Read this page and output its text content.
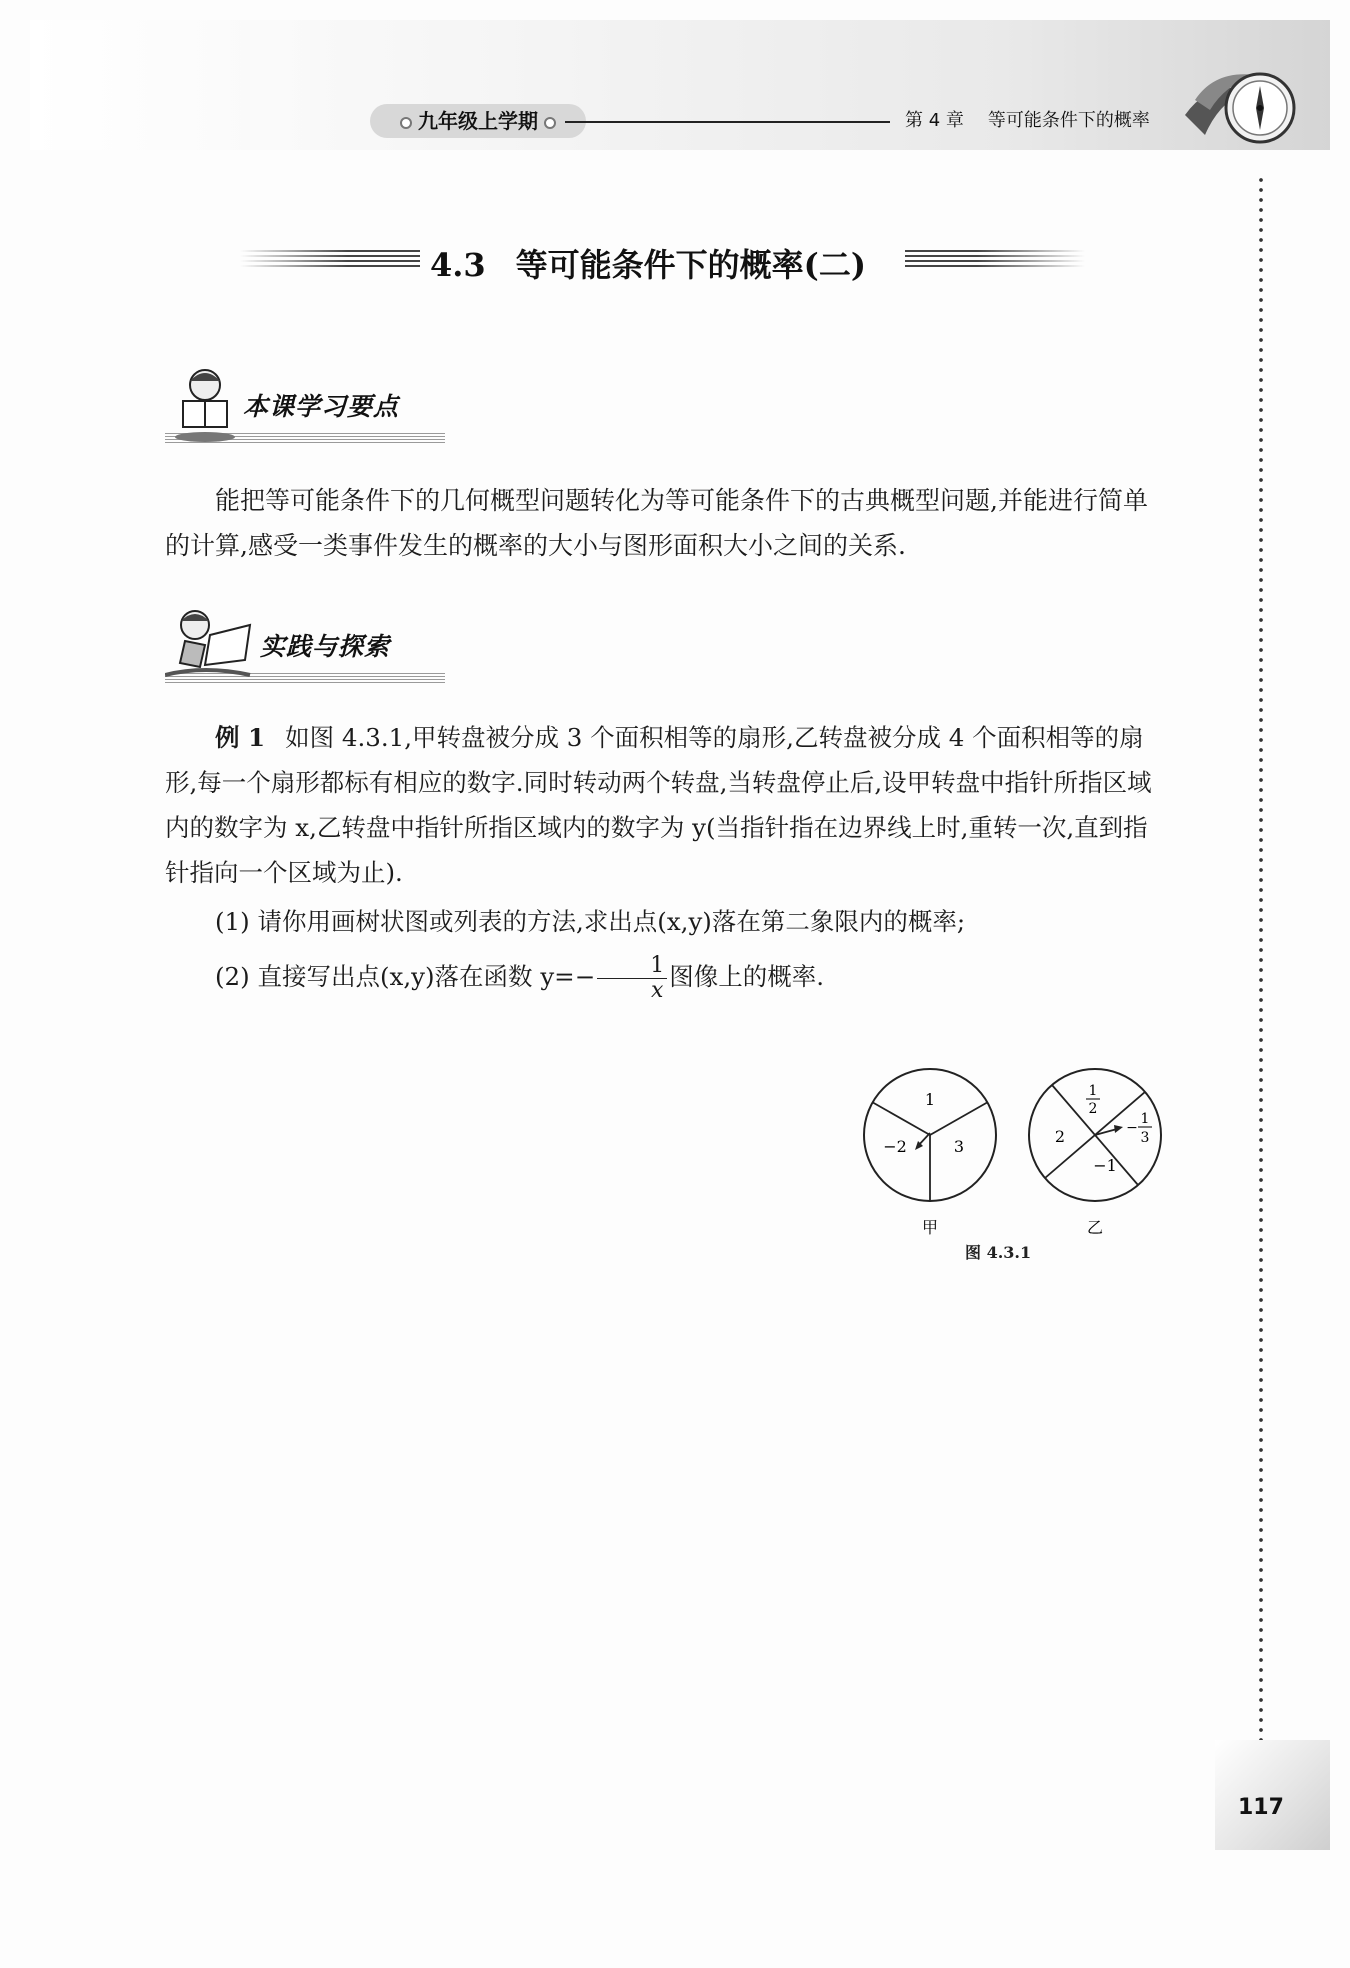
九年级上学期	第 4 章 等可能条件下的概率
4.3 等可能条件下的概率(二)
本课学习要点

能把等可能条件下的几何概型问题转化为等可能条件下的古典概型问题,并能进行简单的计算,感受一类事件发生的概率的大小与图形面积大小之间的关系.

实践与探索

例 1 如图 4.3.1,甲转盘被分成 3 个面积相等的扇形,乙转盘被分成 4 个面积相等的扇形,每一个扇形都标有相应的数字.同时转动两个转盘,当转盘停止后,设甲转盘中指针所指区域内的数字为 x,乙转盘中指针所指区域内的数字为 y(当指针指在边界线上时,重转一次,直到指针指向一个区域为止).

(1) 请你用画树状图或列表的方法,求出点(x,y)落在第二象限内的概率;

(2) 直接写出点(x,y)落在函数 $y=- \frac{1}{x}$ 图像上的概率.

1
−2	3
甲
1
2
−
1
3
2
−1
乙
图 4.3.1
117
